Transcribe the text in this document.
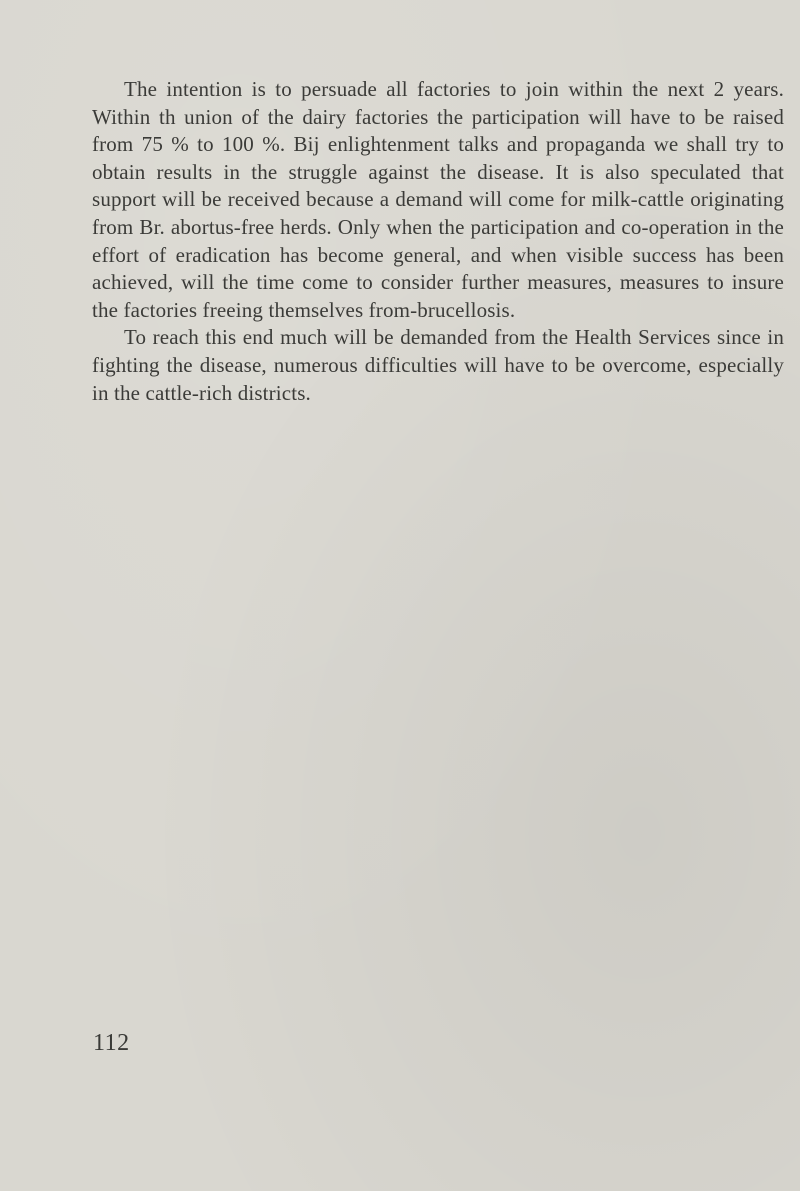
The intention is to persuade all factories to join within the next 2 years. Within th union of the dairy factories the participation will have to be raised from 75 % to 100 %. Bij enlightenment talks and propaganda we shall try to obtain results in the struggle against the disease. It is also speculated that support will be received because a demand will come for milk-cattle originating from Br. abortus-free herds. Only when the participation and co-operation in the effort of eradication has become general, and when visible success has been achieved, will the time come to consider further measures, measures to insure the factories freeing themselves from-brucellosis.

To reach this end much will be demanded from the Health Services since in fighting the disease, numerous difficulties will have to be overcome, especially in the cattle-rich districts.

112
